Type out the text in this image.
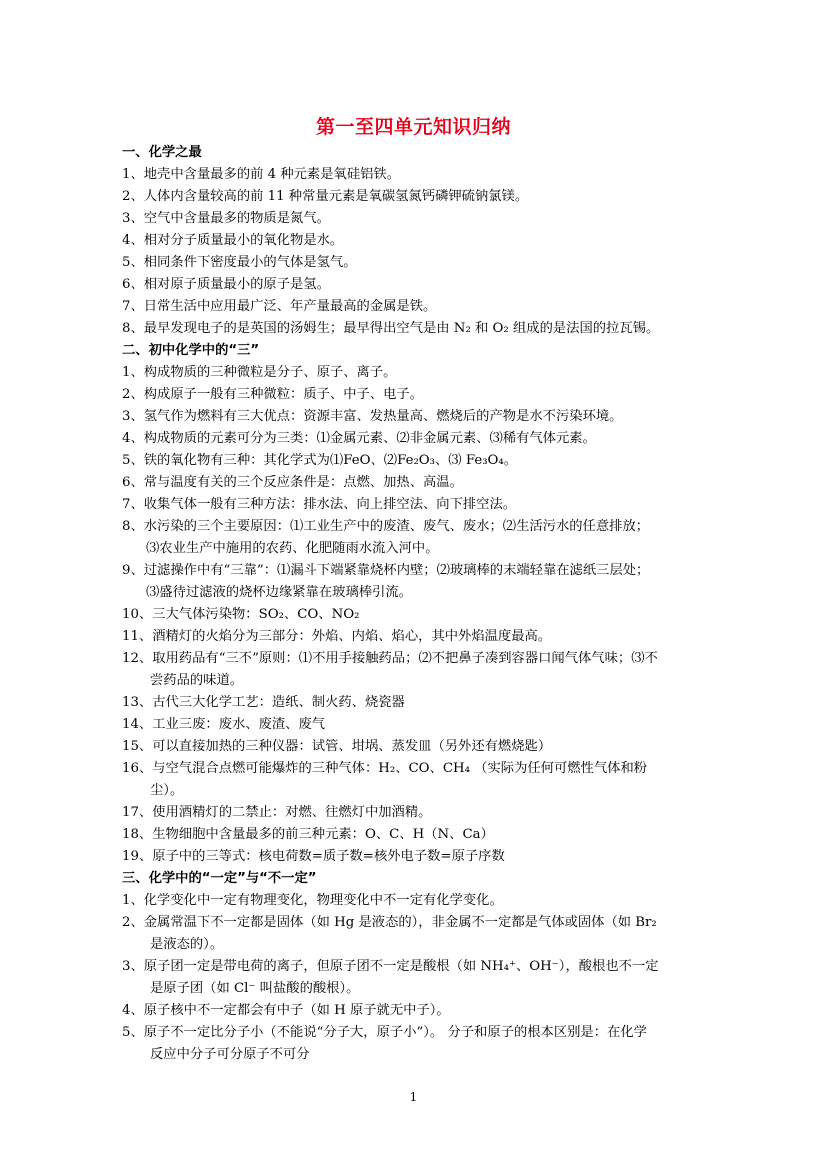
第一至四单元知识归纳
一、化学之最
1、地壳中含量最多的前 4 种元素是氧硅铝铁。
2、人体内含量较高的前 11 种常量元素是氧碳氢氮钙磷钾硫钠氯镁。
3、空气中含量最多的物质是氮气。
4、相对分子质量最小的氧化物是水。
5、相同条件下密度最小的气体是氢气。
6、相对原子质量最小的原子是氢。
7、日常生活中应用最广泛、年产量最高的金属是铁。
8、最早发现电子的是英国的汤姆生；最早得出空气是由 N₂ 和 O₂ 组成的是法国的拉瓦锡。
二、初中化学中的“三”
1、构成物质的三种微粒是分子、原子、离子。
2、构成原子一般有三种微粒：质子、中子、电子。
3、氢气作为燃料有三大优点：资源丰富、发热量高、燃烧后的产物是水不污染环境。
4、构成物质的元素可分为三类：⑴金属元素、⑵非金属元素、⑶稀有气体元素。
5、铁的氧化物有三种：其化学式为⑴FeO、⑵Fe₂O₃、⑶ Fe₃O₄。
6、常与温度有关的三个反应条件是：点燃、加热、高温。
7、收集气体一般有三种方法：排水法、向上排空法、向下排空法。
8、水污染的三个主要原因：⑴工业生产中的废渣、废气、废水；⑵生活污水的任意排放；
⑶农业生产中施用的农药、化肥随雨水流入河中。
9、过滤操作中有“三靠”：⑴漏斗下端紧靠烧杯内壁；⑵玻璃棒的末端轻靠在滤纸三层处；
⑶盛待过滤液的烧杯边缘紧靠在玻璃棒引流。
10、三大气体污染物：SO₂、CO、NO₂
11、酒精灯的火焰分为三部分：外焰、内焰、焰心，其中外焰温度最高。
12、取用药品有“三不”原则：⑴不用手接触药品；⑵不把鼻子凑到容器口闻气体气味；⑶不
尝药品的味道。
13、古代三大化学工艺：造纸、制火药、烧瓷器
14、工业三废：废水、废渣、废气
15、可以直接加热的三种仪器：试管、坩埚、蒸发皿（另外还有燃烧匙）
16、与空气混合点燃可能爆炸的三种气体：H₂、CO、CH₄ （实际为任何可燃性气体和粉
尘）。
17、使用酒精灯的二禁止：对燃、往燃灯中加酒精。
18、生物细胞中含量最多的前三种元素：O、C、H（N、Ca）
19、原子中的三等式：核电荷数=质子数=核外电子数=原子序数
三、化学中的“一定”与“不一定”
1、化学变化中一定有物理变化，物理变化中不一定有化学变化。
2、金属常温下不一定都是固体（如 Hg 是液态的），非金属不一定都是气体或固体（如 Br₂
是液态的）。
3、原子团一定是带电荷的离子，但原子团不一定是酸根（如 NH₄⁺、OH⁻），酸根也不一定
是原子团（如 Cl⁻ 叫盐酸的酸根）。
4、原子核中不一定都会有中子（如 H 原子就无中子）。
5、原子不一定比分子小（不能说“分子大，原子小”）。 分子和原子的根本区别是：在化学
反应中分子可分原子不可分
1
